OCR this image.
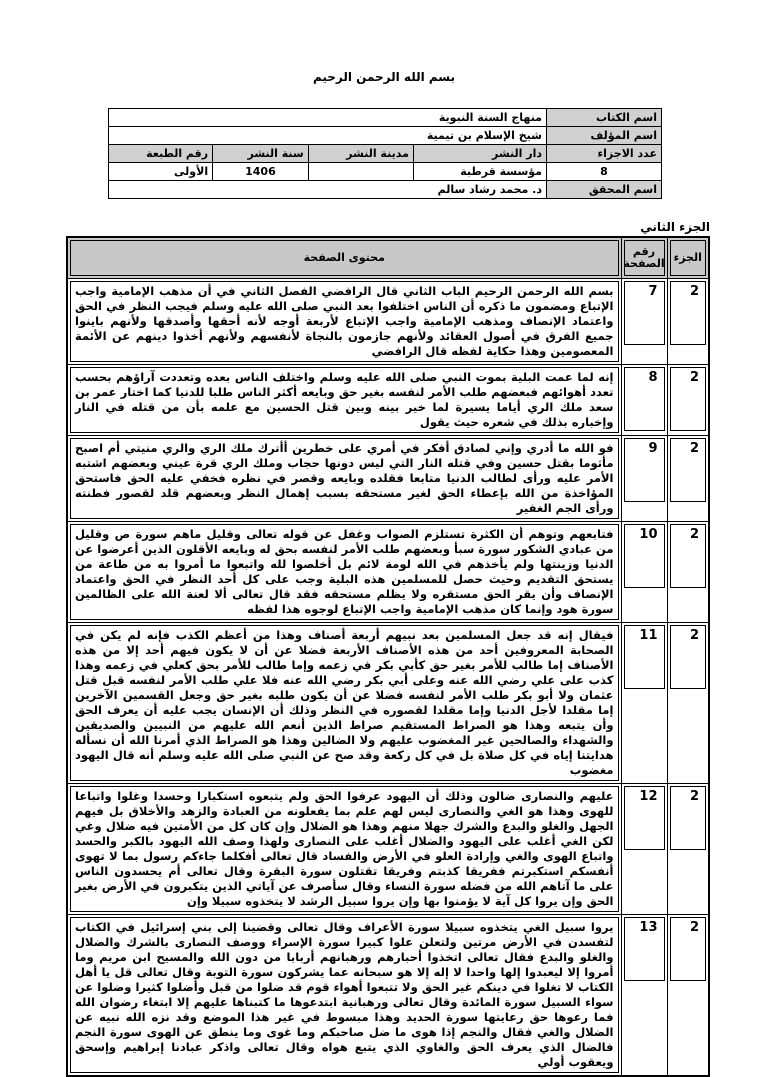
بسم الله الرحمن الرحيم
اسم الكتاب	منهاج السنة النبوية			
اسم المؤلف	شيخ الإسلام بن تيمية			
عدد الاجزاء	دار النشر	مدينة النشر	سنة النشر	رقم الطبعة
8	مؤسسة قرطبة		1406	الأولى
اسم المحقق	د. محمد رشاد سالم			
الجزء الثاني
محتوى الصفحة	رقم الصفحة	الجزء

بسم الله الرحمن الرحيم الباب الثاني قال الرافضي الفصل الثاني في أن مذهب الإمامية واجب الإتباع ومضمون ما ذكره أن الناس اختلفوا بعد النبي صلى الله عليه وسلم فيجب النظر في الحق واعتماد الإنصاف ومذهب الإمامية واجب الإتباع لأربعة أوجه لأنه أحقها وأصدقها ولأنهم باينوا جميع الفرق في أصول العقائد ولأنهم جازمون بالنجاة لأنفسهم ولأنهم أخذوا دينهم عن الأئمة المعصومين وهذا حكاية لفظه قال الرافضي	7	2

إنه لما عمت البلية بموت النبي صلى الله عليه وسلم واختلف الناس بعده وتعددت آراؤهم بحسب تعدد أهوائهم فبعضهم طلب الأمر لنفسه بغير حق وبايعه أكثر الناس طلبا للدنيا كما اختار عمر بن سعد ملك الري أياما يسيرة لما خير بينه وبين قتل الحسين مع علمه بأن من قتله في النار وإخباره بذلك في شعره حيث يقول	8	2

فو الله ما أدري وإني لصادق أفكر في أمري على خطرين أأترك ملك الري والري منيتي أم اصبح مأثوما بقتل حسين وفي قتله النار التي ليس دونها حجاب وملك الري قرة عيني وبعضهم اشتبه الأمر عليه ورأى لطالب الدنيا متابعا فقلده وبايعه وقصر في نظره فخفي عليه الحق فاستحق المؤاخذة من الله بإعطاء الحق لغير مستحقه بسبب إهمال النظر وبعضهم قلد لقصور فطنته ورأى الجم الغفير	9	2

فتابعهم وتوهم أن الكثرة تستلزم الصواب وغفل عن قوله تعالى وقليل ماهم سورة ص وقليل من عبادي الشكور سورة سبأ وبعضهم طلب الأمر لنفسه بحق له وبايعه الأقلون الذين أعرضوا عن الدنيا وزينتها ولم يأخذهم في الله لومة لائم بل أخلصوا لله واتبعوا ما أمروا به من طاعة من يستحق التقديم وحيث حصل للمسلمين هذه البلية وجب على كل أحد النظر في الحق واعتماد الإنصاف وأن يقر الحق مستقره ولا يظلم مستحقه فقد قال تعالى ألا لعنة الله على الظالمين سورة هود وإنما كان مذهب الإمامية واجب الإتباع لوجوه هذا لفظه	10	2

فيقال إنه قد جعل المسلمين بعد نبيهم أربعة أصناف وهذا من أعظم الكذب فإنه لم يكن في الصحابة المعروفين أحد من هذه الأصناف الأربعة فضلا عن أن لا يكون فيهم أحد إلا من هذه الأصناف إما طالب للأمر بغير حق كأبي بكر في زعمه وإما طالب للأمر بحق كعلي في زعمه وهذا كذب على علي رضي الله عنه وعلى أبي بكر رضي الله عنه فلا علي طلب الأمر لنفسه قبل قتل عثمان ولا أبو بكر طلب الأمر لنفسه فضلا عن أن يكون طلبه بغير حق وجعل القسمين الآخرين إما مقلدا لأجل الدنيا وإما مقلدا لقصوره في النظر وذلك أن الإنسان يجب عليه أن يعرف الحق وأن يتبعه وهذا هو الصراط المستقيم صراط الذين أنعم الله عليهم من النبيين والصديقين والشهداء والصالحين غير المغضوب عليهم ولا الضالين وهذا هو الصراط الذي أمرنا الله أن نسأله هدايتنا إياه في كل صلاة بل في كل ركعة وقد صح عن النبي صلى الله عليه وسلم أنه قال اليهود مغضوب	11	2

عليهم والنصارى ضالون وذلك أن اليهود عرفوا الحق ولم يتبعوه استكبارا وحسدا وغلوا واتباعا للهوى وهذا هو الغي والنصارى ليس لهم علم بما يفعلونه من العبادة والزهد والأخلاق بل فيهم الجهل والغلو والبدع والشرك جهلا منهم وهذا هو الضلال وإن كان كل من الأمتين فيه ضلال وغي لكن الغي أغلب على اليهود والضلال أغلب على النصارى ولهذا وصف الله اليهود بالكبر والحسد واتباع الهوى والغي وإرادة العلو في الأرض والفساد قال تعالى أفكلما جاءكم رسول بما لا تهوى أنفسكم استكبرتم ففريقا كذبتم وفريقا تقتلون سورة البقرة وقال تعالى أم يحسدون الناس على ما آتاهم الله من فضله سورة النساء وقال سأصرف عن آياتي الذين يتكبرون في الأرض بغير الحق وإن يروا كل آية لا يؤمنوا بها وإن يروا سبيل الرشد لا يتخذوه سبيلا وإن	12	2

يروا سبيل الغي يتخذوه سبيلا سورة الأعراف وقال تعالى وقضينا إلى بني إسرائيل في الكتاب لتفسدن في الأرض مرتين ولتعلن علوا كبيرا سورة الإسراء ووصف النصارى بالشرك والضلال والغلو والبدع فقال تعالى اتخذوا أحبارهم ورهبانهم أربابا من دون الله والمسيح ابن مريم وما أمروا إلا ليعبدوا إلها واحدا لا إله إلا هو سبحانه عما يشركون سورة التوبة وقال تعالى قل يا أهل الكتاب لا تغلوا في دينكم غير الحق ولا تتبعوا أهواء قوم قد ضلوا من قبل وأضلوا كثيرا وضلوا عن سواء السبيل سورة المائدة وقال تعالى ورهبانية ابتدعوها ما كتبناها عليهم إلا ابتغاء رضوان الله فما رعوها حق رعايتها سورة الحديد وهذا مبسوط في غير هذا الموضع وقد نزه الله نبيه عن الضلال والغي فقال والنجم إذا هوى ما ضل صاحبكم وما غوى وما ينطق عن الهوى سورة النجم فالضال الذي يعرف الحق والغاوي الذي يتبع هواه وقال تعالى واذكر عبادنا إبراهيم وإسحق ويعقوب أولي	13	2
